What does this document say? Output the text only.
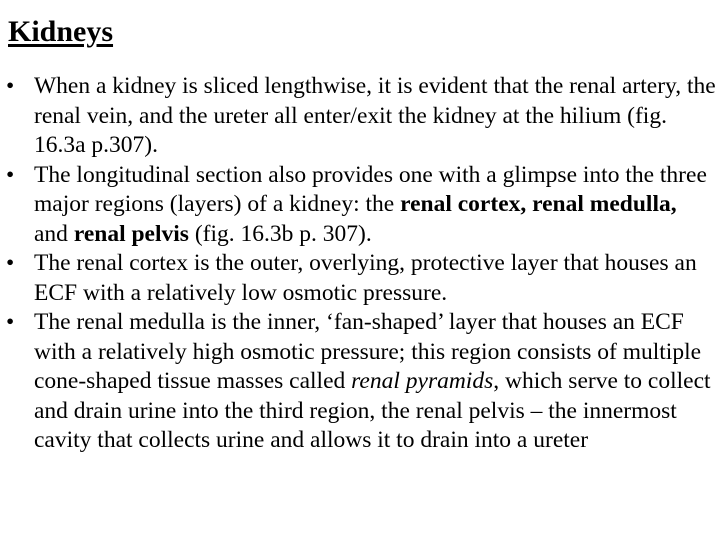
Kidneys
• When a kidney is sliced lengthwise, it is evident that the renal artery, the renal vein, and the ureter all enter/exit the kidney at the hilium (fig. 16.3a p.307).
• The longitudinal section also provides one with a glimpse into the three major regions (layers) of a kidney: the renal cortex, renal medulla, and renal pelvis (fig. 16.3b p. 307).
• The renal cortex is the outer, overlying, protective layer that houses an ECF with a relatively low osmotic pressure.
• The renal medulla is the inner, ‘fan-shaped’ layer that houses an ECF with a relatively high osmotic pressure; this region consists of multiple cone-shaped tissue masses called renal pyramids, which serve to collect and drain urine into the third region, the renal pelvis – the innermost cavity that collects urine and allows it to drain into a ureter
